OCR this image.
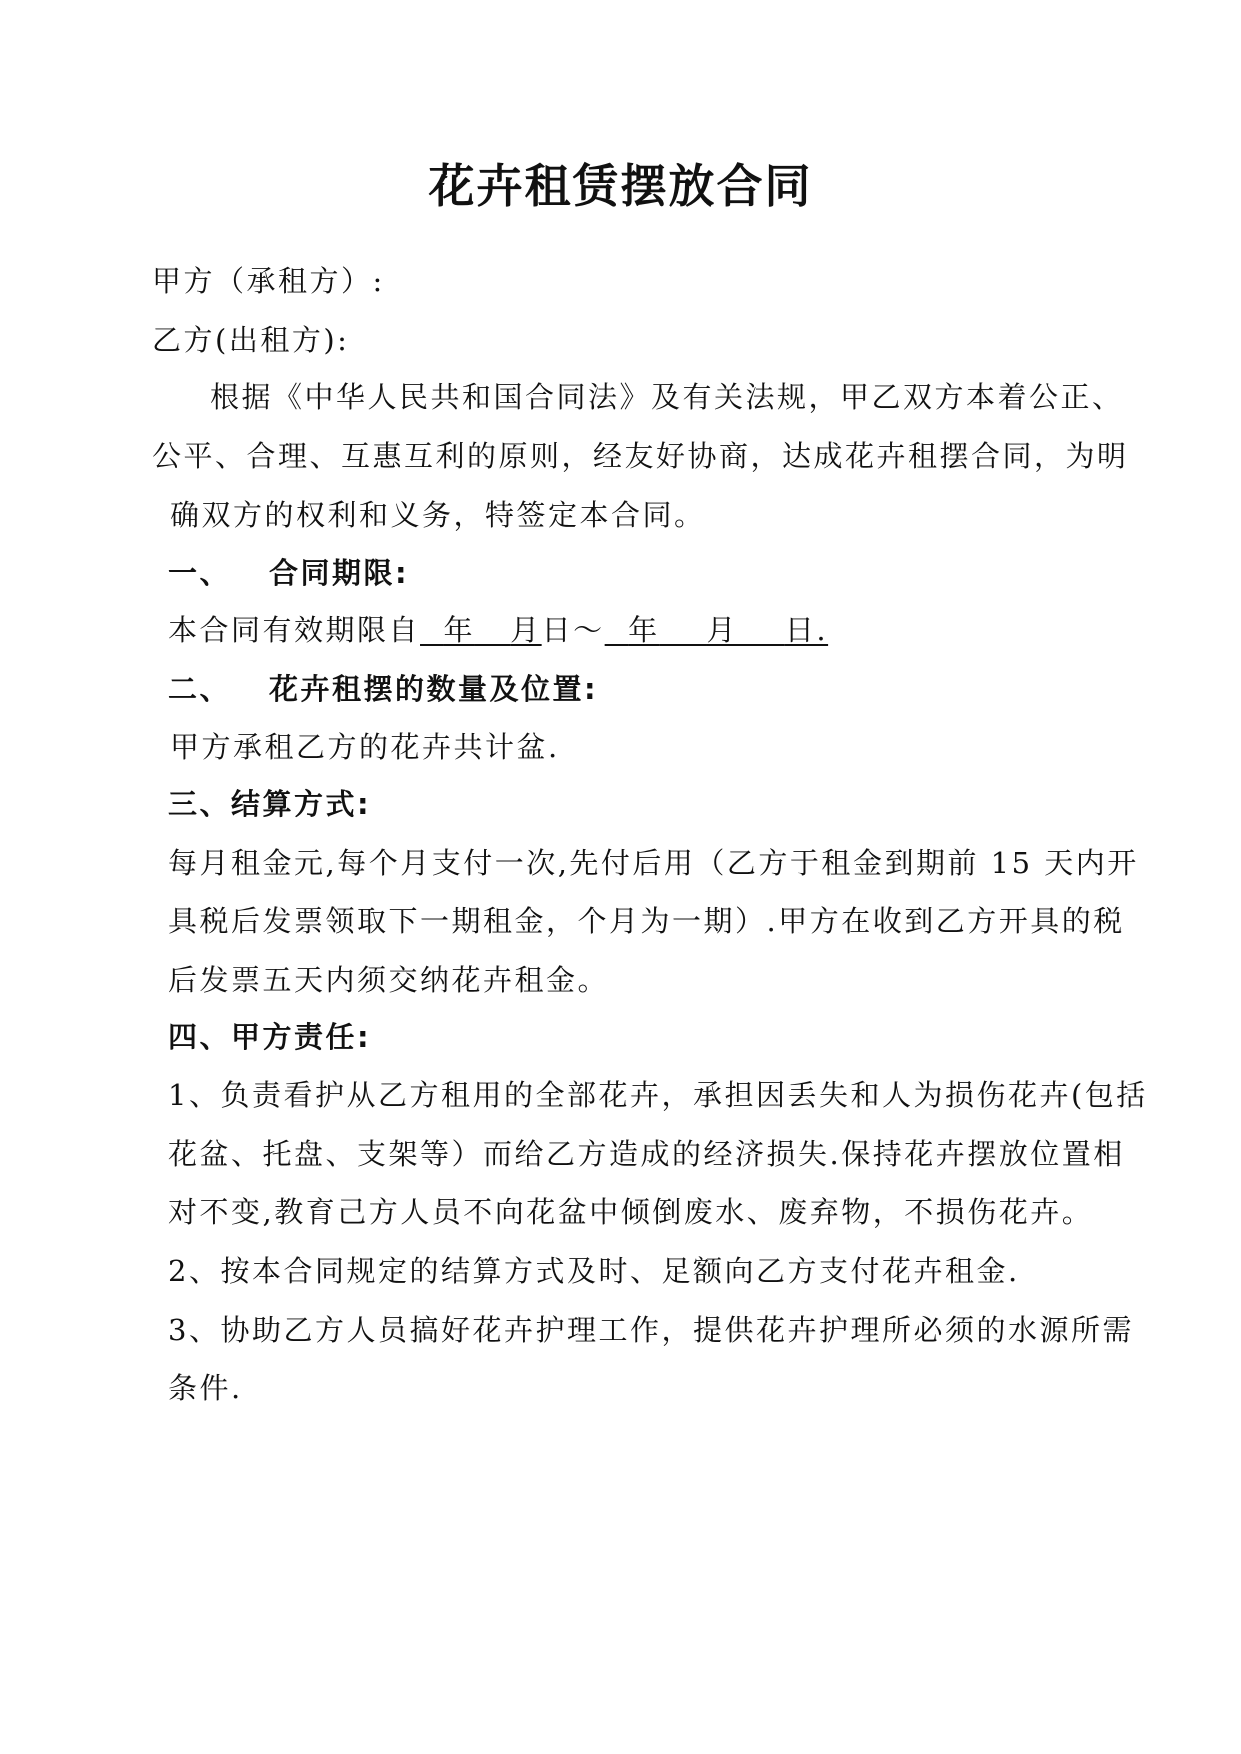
花卉租赁摆放合同
甲方（承租方）:
乙方(出租方):
根据《中华人民共和国合同法》及有关法规，甲乙双方本着公正、
公平、合理、互惠互利的原则，经友好协商，达成花卉租摆合同，为明
确双方的权利和义务，特签定本合同。
一、 合同期限:
本合同有效期限自 年 月日～ 年 月 日.
二、 花卉租摆的数量及位置:
甲方承租乙方的花卉共计盆.
三、结算方式:
每月租金元,每个月支付一次,先付后用（乙方于租金到期前 15 天内开
具税后发票领取下一期租金，个月为一期）.甲方在收到乙方开具的税
后发票五天内须交纳花卉租金。
四、甲方责任:
1、负责看护从乙方租用的全部花卉，承担因丢失和人为损伤花卉(包括
花盆、托盘、支架等）而给乙方造成的经济损失.保持花卉摆放位置相
对不变,教育己方人员不向花盆中倾倒废水、废弃物，不损伤花卉。
2、按本合同规定的结算方式及时、足额向乙方支付花卉租金.
3、协助乙方人员搞好花卉护理工作，提供花卉护理所必须的水源所需
条件.
